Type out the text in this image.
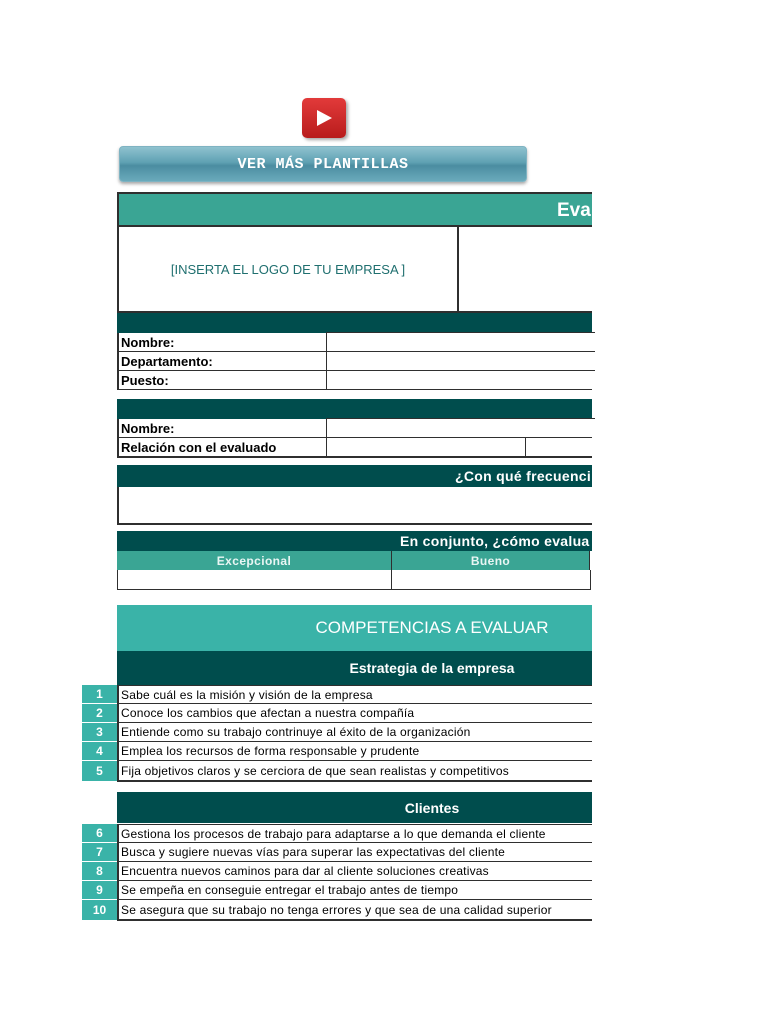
VER MÁS PLANTILLAS
Eva
[INSERTA EL LOGO DE TU EMPRESA ]
Nombre:
Departamento:
Puesto:
Nombre:
Relación con el evaluado
¿Con qué frecuenci
En conjunto, ¿cómo evalua
Excepcional	Bueno
COMPETENCIAS A EVALUAR
Estrategia de la empresa
1	Sabe cuál es la misión y visión de la empresa
2	Conoce los cambios que afectan a nuestra compañía
3	Entiende como su trabajo contrinuye al éxito de la organización
4	Emplea los recursos de forma responsable y prudente
5	Fija objetivos claros y se cerciora de que sean realistas y competitivos
Clientes
6	Gestiona los procesos de trabajo para adaptarse a lo que demanda el cliente
7	Busca y sugiere nuevas vías para superar las expectativas del cliente
8	Encuentra nuevos caminos para dar al cliente soluciones creativas
9	Se empeña en conseguie entregar el trabajo antes de tiempo
10	Se asegura que su trabajo no tenga errores y que sea de una calidad superior
